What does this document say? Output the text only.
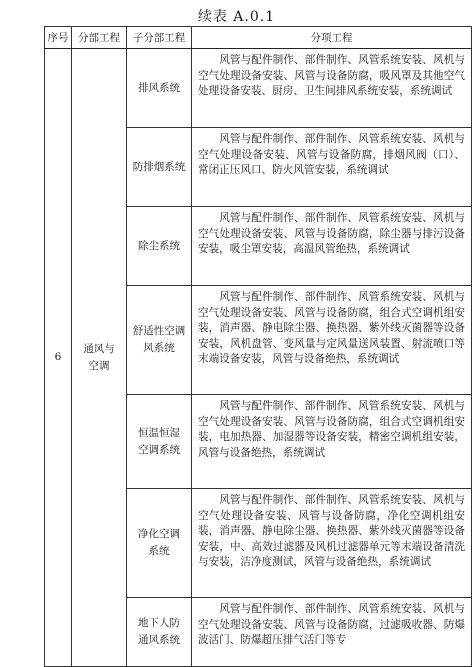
续表 A.0.1
序号	分部工程	子分部工程	分项工程
6	通风与空调	排风系统	风管与配件制作、部件制作、风管系统安装、风机与空气处理设备安装、风管与设备防腐，吸风罩及其他空气处理设备安装、厨房、卫生间排风系统安装，系统调试
		防排烟系统	风管与配件制作、部件制作、风管系统安装、风机与空气处理设备安装、风管与设备防腐，排烟风阀（口）、常闭正压风口、防火风管安装，系统调试
		除尘系统	风管与配件制作、部件制作、风管系统安装、风机与空气处理设备安装、风管与设备防腐，除尘器与排污设备安装，吸尘罩安装，高温风管绝热，系统调试
		舒适性空调风系统	风管与配件制作、部件制作、风管系统安装、风机与空气处理设备安装、风管与设备防腐，组合式空调机组安装，消声器、静电除尘器、换热器、紫外线灭菌器等设备安装，风机盘管、变风量与定风量送风装置、射流喷口等末端设备安装，风管与设备绝热，系统调试
		恒温恒湿空调系统	风管与配件制作、部件制作、风管系统安装、风机与空气处理设备安装、风管与设备防腐，组合式空调机组安装，电加热器、加湿器等设备安装，精密空调机组安装，风管与设备绝热，系统调试
		净化空调系统	风管与配件制作、部件制作、风管系统安装、风机与空气处理设备安装、风管与设备防腐，净化空调机组安装，消声器、静电除尘器、换热器、紫外线灭菌器等设备安装，中、高效过滤器及风机过滤器单元等末端设备清洗与安装，洁净度测试，风管与设备绝热，系统调试
		地下人防通风系统	风管与配件制作、部件制作、风管系统安装、风机与空气处理设备安装、风管与设备防腐，过滤吸收器、防爆波活门、防爆超压排气活门等专
